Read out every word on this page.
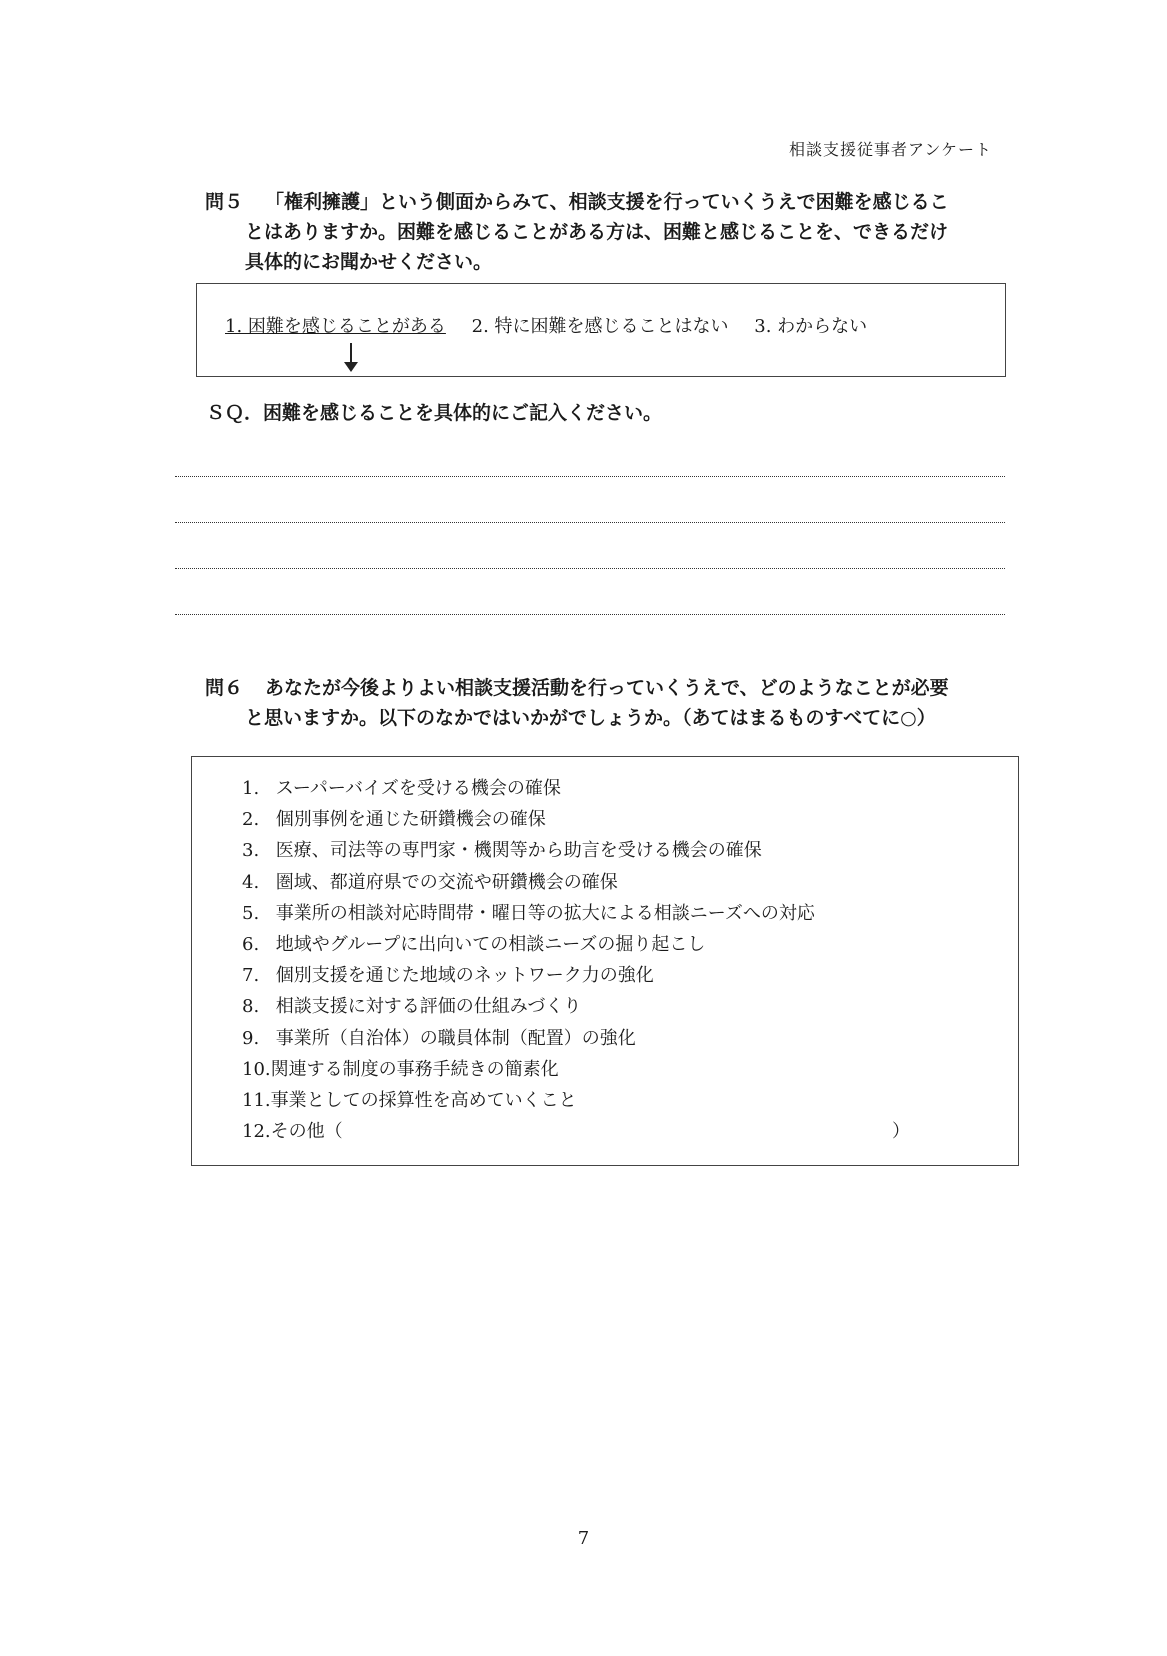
相談支援従事者アンケート
問５ 「権利擁護」という側面からみて、相談支援を行っていくうえで困難を感じるこ
とはありますか。困難を感じることがある方は、困難と感じることを、できるだけ
具体的にお聞かせください。
1. 困難を感じることがある 2. 特に困難を感じることはない 3. わからない
ＳＱ．困難を感じることを具体的にご記入ください。
問６ あなたが今後よりよい相談支援活動を行っていくうえで、どのようなことが必要
と思いますか。以下のなかではいかがでしょうか。（あてはまるものすべてに○）
1. スーパーバイズを受ける機会の確保
2. 個別事例を通じた研鑽機会の確保
3. 医療、司法等の専門家・機関等から助言を受ける機会の確保
4. 圏域、都道府県での交流や研鑽機会の確保
5. 事業所の相談対応時間帯・曜日等の拡大による相談ニーズへの対応
6. 地域やグループに出向いての相談ニーズの掘り起こし
7. 個別支援を通じた地域のネットワーク力の強化
8. 相談支援に対する評価の仕組みづくり
9. 事業所（自治体）の職員体制（配置）の強化
10.関連する制度の事務手続きの簡素化
11.事業としての採算性を高めていくこと
12.その他（	）
7
